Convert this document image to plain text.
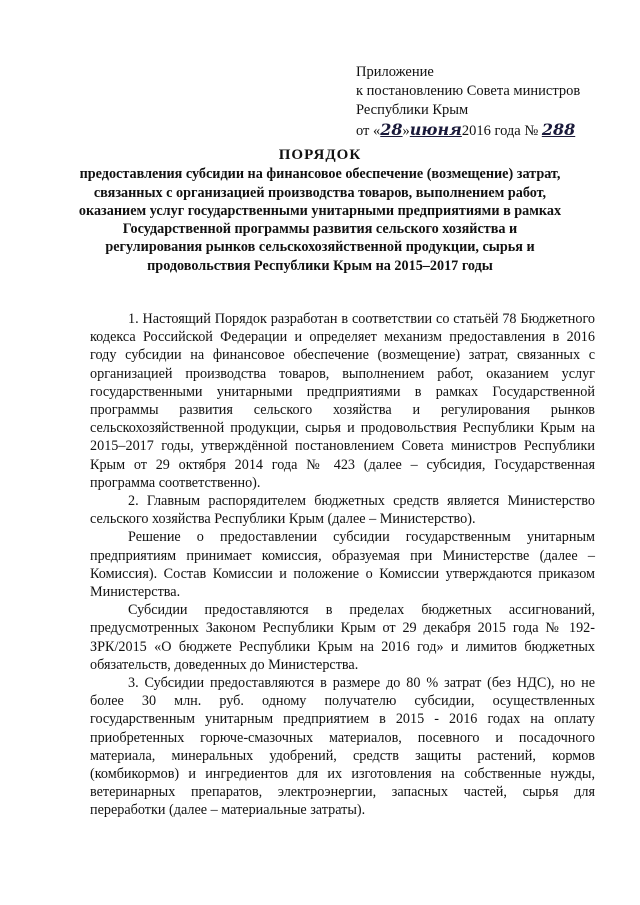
Приложение
к постановлению Совета министров
Республики Крым
от «28»июня2016 года № 288
ПОРЯДОК
предоставления субсидии на финансовое обеспечение (возмещение) затрат, связанных с организацией производства товаров, выполнением работ, оказанием услуг государственными унитарными предприятиями в рамках Государственной программы развития сельского хозяйства и регулирования рынков сельскохозяйственной продукции, сырья и продовольствия Республики Крым на 2015–2017 годы

1. Настоящий Порядок разработан в соответствии со статьёй 78 Бюджетного кодекса Российской Федерации и определяет механизм предоставления в 2016 году субсидии на финансовое обеспечение (возмещение) затрат, связанных с организацией производства товаров, выполнением работ, оказанием услуг государственными унитарными предприятиями в рамках Государственной программы развития сельского хозяйства и регулирования рынков сельскохозяйственной продукции, сырья и продовольствия Республики Крым на 2015–2017 годы, утверждённой постановлением Совета министров Республики Крым от 29 октября 2014 года № 423 (далее – субсидия, Государственная программа соответственно).

2. Главным распорядителем бюджетных средств является Министерство сельского хозяйства Республики Крым (далее – Министерство).

Решение о предоставлении субсидии государственным унитарным предприятиям принимает комиссия, образуемая при Министерстве (далее – Комиссия). Состав Комиссии и положение о Комиссии утверждаются приказом Министерства.

Субсидии предоставляются в пределах бюджетных ассигнований, предусмотренных Законом Республики Крым от 29 декабря 2015 года № 192-ЗРК/2015 «О бюджете Республики Крым на 2016 год» и лимитов бюджетных обязательств, доведенных до Министерства.

3. Субсидии предоставляются в размере до 80 % затрат (без НДС), но не более 30 млн. руб. одному получателю субсидии, осуществленных государственным унитарным предприятием в 2015 - 2016 годах на оплату приобретенных горюче-смазочных материалов, посевного и посадочного материала, минеральных удобрений, средств защиты растений, кормов (комбикормов) и ингредиентов для их изготовления на собственные нужды, ветеринарных препаратов, электроэнергии, запасных частей, сырья для переработки (далее – материальные затраты).
